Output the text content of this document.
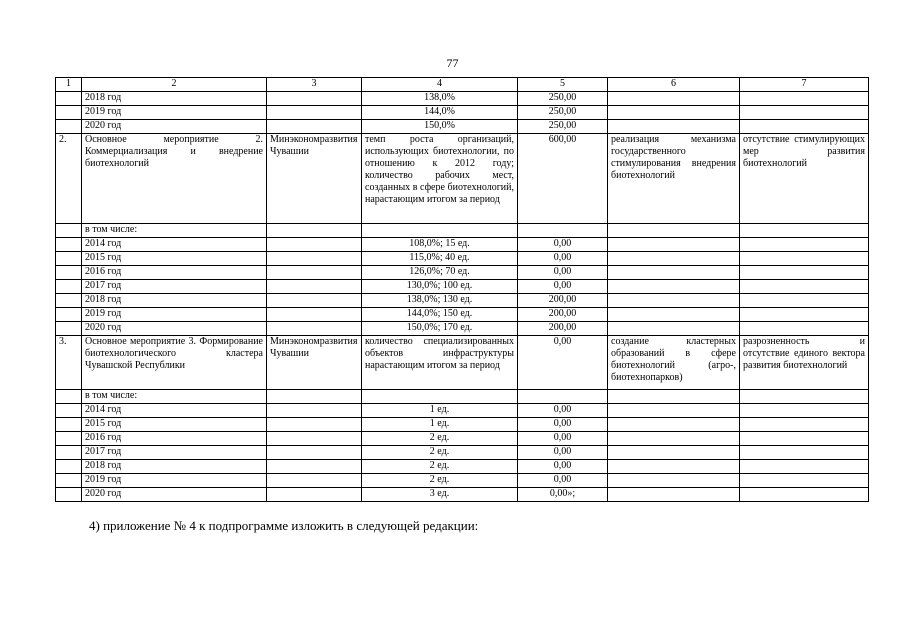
77
1	2	3	4	5	6	7
	2018 год		138,0%	250,00		
	2019 год		144,0%	250,00		
	2020 год		150,0%	250,00		
2.	Основное мероприятие 2. Коммерциализация и внедрение биотехнологий	Минэкономразвития Чувашии	темп роста организаций, использующих биотехнологии, по отношению к 2012 году; количество рабочих мест, созданных в сфере биотехнологий, нарастающим итогом за период	600,00	реализация механизма государственного стимулирования внедрения биотехнологий	отсутствие стимулирующих мер развития биотехнологий
	в том числе:					
	2014 год		108,0%; 15 ед.	0,00		
	2015 год		115,0%; 40 ед.	0,00		
	2016 год		126,0%; 70 ед.	0,00		
	2017 год		130,0%; 100 ед.	0,00		
	2018 год		138,0%; 130 ед.	200,00		
	2019 год		144,0%; 150 ед.	200,00		
	2020 год		150,0%; 170 ед.	200,00		
3.	Основное мероприятие 3. Формирование биотехнологического кластера Чувашской Республики	Минэкономразвития Чувашии	количество специализированных объектов инфраструктуры нарастающим итогом за период	0,00	создание кластерных образований в сфере биотехнологий (агро-, биотехнопарков)	разрозненность и отсутствие единого вектора развития биотехнологий
	в том числе:					
	2014 год		1 ед.	0,00		
	2015 год		1 ед.	0,00		
	2016 год		2 ед.	0,00		
	2017 год		2 ед.	0,00		
	2018 год		2 ед.	0,00		
	2019 год		2 ед.	0,00		
	2020 год		3 ед.	0,00»;		
4) приложение № 4 к подпрограмме изложить в следующей редакции:
